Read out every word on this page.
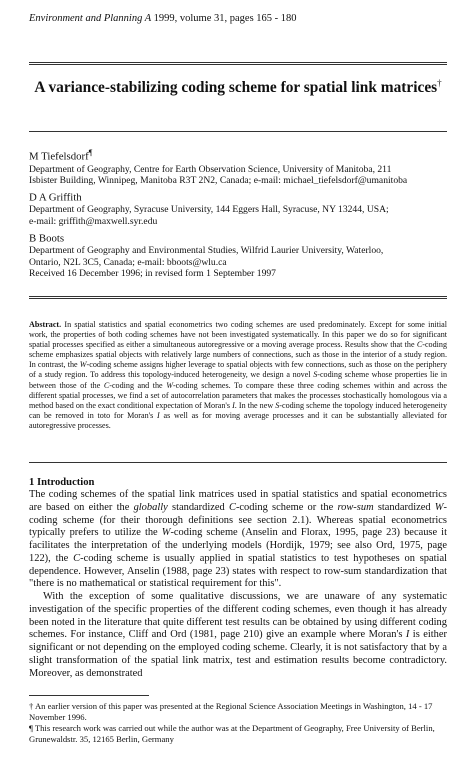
Environment and Planning A 1999, volume 31, pages 165 - 180
A variance-stabilizing coding scheme for spatial link matrices†
M Tiefelsdorf¶
Department of Geography, Centre for Earth Observation Science, University of Manitoba, 211
Isbister Building, Winnipeg, Manitoba R3T 2N2, Canada; e-mail: michael_tiefelsdorf@umanitoba
D A Griffith
Department of Geography, Syracuse University, 144 Eggers Hall, Syracuse, NY 13244, USA;
e-mail: griffith@maxwell.syr.edu
B Boots
Department of Geography and Environmental Studies, Wilfrid Laurier University, Waterloo,
Ontario, N2L 3C5, Canada; e-mail: bboots@wlu.ca
Received 16 December 1996; in revised form 1 September 1997
Abstract. In spatial statistics and spatial econometrics two coding schemes are used predominately. Except for some initial work, the properties of both coding schemes have not been investigated systematically. In this paper we do so for significant spatial processes specified as either a simultaneous autoregressive or a moving average process. Results show that the C-coding scheme emphasizes spatial objects with relatively large numbers of connections, such as those in the interior of a study region. In contrast, the W-coding scheme assigns higher leverage to spatial objects with few connections, such as those on the periphery of a study region. To address this topology-induced heterogeneity, we design a novel S-coding scheme whose properties lie in between those of the C-coding and the W-coding schemes. To compare these three coding schemes within and across the different spatial processes, we find a set of autocorrelation parameters that makes the processes stochastically homologous via a method based on the exact conditional expectation of Moran's I. In the new S-coding scheme the topology induced heterogeneity can be removed in toto for Moran's I as well as for moving average processes and it can be substantially alleviated for autoregressive processes.
1 Introduction

The coding schemes of the spatial link matrices used in spatial statistics and spatial econometrics are based on either the globally standardized C-coding scheme or the row-sum standardized W-coding scheme (for their thorough definitions see section 2.1). Whereas spatial econometrics typically prefers to utilize the W-coding scheme (Anselin and Florax, 1995, page 23) because it facilitates the interpretation of the underlying models (Hordijk, 1979; see also Ord, 1975, page 122), the C-coding scheme is usually applied in spatial statistics to test hypotheses on spatial dependence. However, Anselin (1988, page 23) states with respect to row-sum standardization that "there is no mathematical or statistical requirement for this".

With the exception of some qualitative discussions, we are unaware of any systematic investigation of the specific properties of the different coding schemes, even though it has already been noted in the literature that quite different test results can be obtained by using different coding schemes. For instance, Cliff and Ord (1981, page 210) give an example where Moran's I is either significant or not depending on the employed coding scheme. Clearly, it is not satisfactory that by a slight transformation of the spatial link matrix, test and estimation results become contradictory. Moreover, as demonstrated

† An earlier version of this paper was presented at the Regional Science Association Meetings in Washington, 14 - 17 November 1996.

¶ This research work was carried out while the author was at the Department of Geography, Free University of Berlin, Grunewaldstr. 35, 12165 Berlin, Germany
